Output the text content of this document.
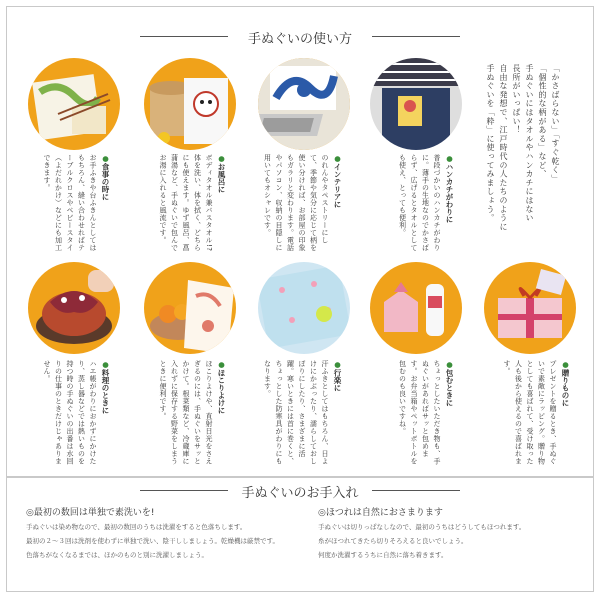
手ぬぐいの使い方
「かさばらない」「すぐ乾く」
「個性的な柄がある」など、
手ぬぐいにはタオルやハンカチにはない
長所がいっぱい！
自由な発想で、江戸時代の人たちのように
手ぬぐいを「粋」に使ってみましょう。
●食事の時に
お手ふきや台ふきんとしてはもちろん、縫い合わせればテーブルクロスやベビースタイ（よだれかけ）などにも加工できます。	●お風呂に
ボディタオル兼バスタオル!?体を洗い、体を拭く、どちらにも使えます。ゆず風呂、菖蒲湯など、手ぬぐいで包んでお湯に入れると風流です。	●インテリアに
のれんやタペストリーにして、季節や気分に応じて柄を使い分ければ、お部屋の印象もガラリと変わります。電話やパソコン、収納の目隠しに用いてもオシャレです。	●ハンカチがわりに
普段づかいのハンカチがわりに。薄手の生地なのでかさばらず、広げるとタオルとしても使え、とっても便利。
●料理のときに
ハエ帳がわりにおかずにかけたり、蒸し器などでは熱いものを持つ時の手ぬぐいの出番は水回りの仕事のときだけじゃありません。	●ほこりよけに
ほこりよけや、直射日光をさえぎるのには、手ぬぐいをサッとかけて。根菜類など、冷蔵庫に入れずに保存する野菜をしまうときに便利です。	●行楽に
汗ふきとしてはもちろん、日よけにかぶったり、濡らしておしぼりにしたり、さまざまに活躍。寒いときには首に巻くと、ちょっとした防寒具がわりにもなります。	●包むときに
ちょっとしたいただき物も、手ぬぐいがあればサッと包めます。お弁当箱やペットボトルを包むのも良いですね。	●贈りものに
プレゼントを贈るとき、手ぬぐいで素敵にラッピング。贈り物としても喜ばれて、受け取った人も後から使えるので喜ばれます。
手ぬぐいのお手入れ
◎最初の数回は単独で素洗いを!
手ぬぐいは染め物なので、最初の数回のうちは洗濯をすると色落ちします。
最初の２～３回は洗剤を使わずに単独で洗い、陰干ししましょう。乾燥機は厳禁です。
色落ちがなくなるまでは、ほかのものと別に洗濯しましょう。
◎ほつれは自然におさまります
手ぬぐいは切りっぱなしなので、最初のうちはどうしてもほつれます。
糸がほつれてきたら切りそろえると良いでしょう。
何度か洗濯するうちに自然に落ち着きます。
